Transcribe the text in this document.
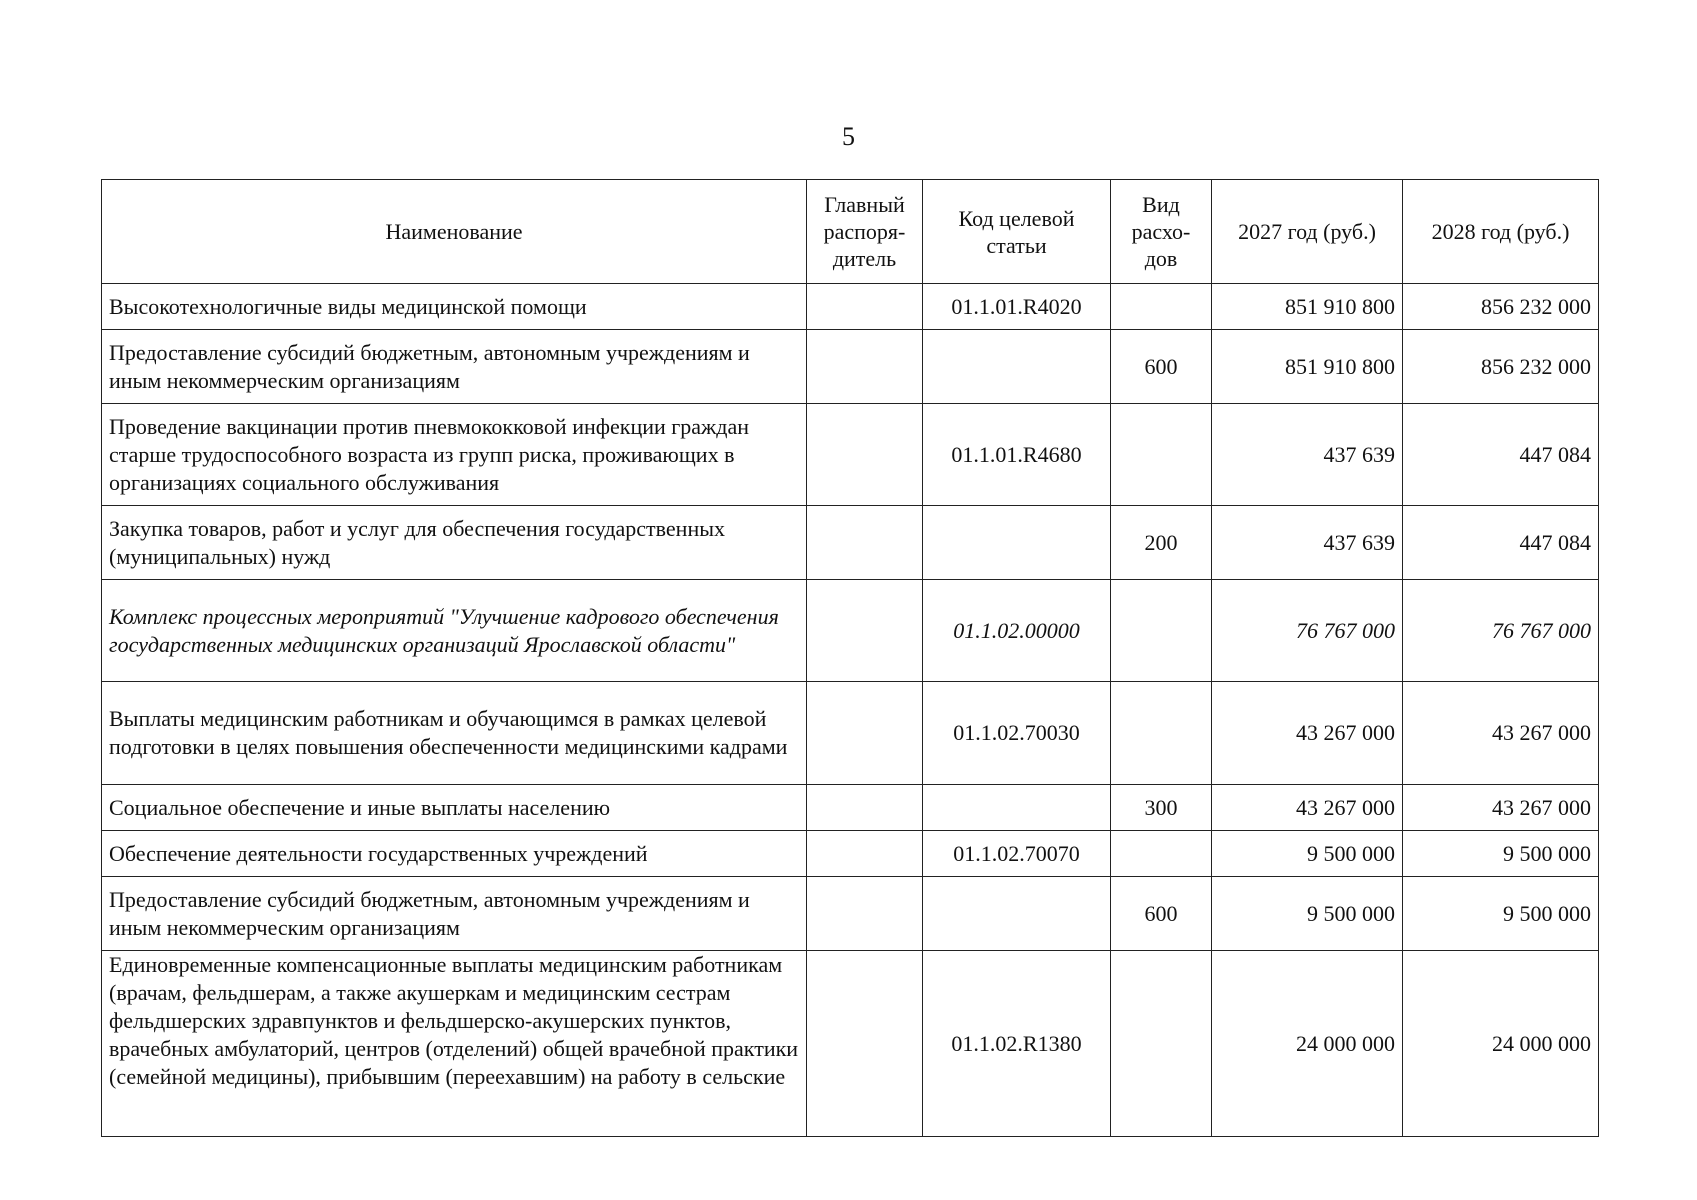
5
Наименование	Главный распоря- дитель	Код целевой статьи	Вид расхо- дов	2027 год (руб.)	2028 год (руб.)
Высокотехнологичные виды медицинской помощи		01.1.01.R4020		851 910 800	856 232 000
Предоставление субсидий бюджетным, автономным учреждениям и иным некоммерческим организациям			600	851 910 800	856 232 000
Проведение вакцинации против пневмококковой инфекции граждан старше трудоспособного возраста из групп риска, проживающих в организациях социального обслуживания		01.1.01.R4680		437 639	447 084
Закупка товаров, работ и услуг для обеспечения государственных (муниципальных) нужд			200	437 639	447 084
Комплекс процессных мероприятий "Улучшение кадрового обеспечения государственных медицинских организаций Ярославской области"		01.1.02.00000		76 767 000	76 767 000
Выплаты медицинским работникам и обучающимся в рамках целевой подготовки в целях повышения обеспеченности медицинскими кадрами		01.1.02.70030		43 267 000	43 267 000
Социальное обеспечение и иные выплаты населению			300	43 267 000	43 267 000
Обеспечение деятельности государственных учреждений		01.1.02.70070		9 500 000	9 500 000
Предоставление субсидий бюджетным, автономным учреждениям и иным некоммерческим организациям			600	9 500 000	9 500 000
Единовременные компенсационные выплаты медицинским работникам (врачам, фельдшерам, а также акушеркам и медицинским сестрам фельдшерских здравпунктов и фельдшерско-акушерских пунктов, врачебных амбулаторий, центров (отделений) общей врачебной практики (семейной медицины), прибывшим (переехавшим) на работу в сельские		01.1.02.R1380		24 000 000	24 000 000
